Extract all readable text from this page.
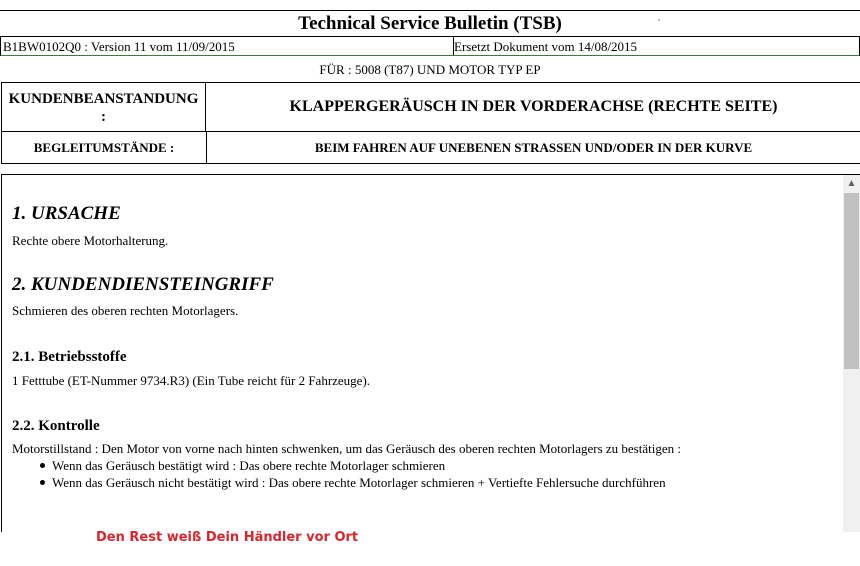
Technical Service Bulletin (TSB)
B1BW0102Q0 : Version 11 vom 11/09/2015	Ersetzt Dokument vom 14/08/2015
FÜR : 5008 (T87) UND MOTOR TYP EP
KUNDENBEANSTANDUNG
:
KLAPPERGERÄUSCH IN DER VORDERACHSE (RECHTE SEITE)
BEGLEITUMSTÄNDE :	BEIM FAHREN AUF UNEBENEN STRASSEN UND/ODER IN DER KURVE
1. URSACHE

Rechte obere Motorhalterung.

2. KUNDENDIENSTEINGRIFF

Schmieren des oberen rechten Motorlagers.

2.1. Betriebsstoffe

1 Fetttube (ET-Nummer 9734.R3) (Ein Tube reicht für 2 Fahrzeuge).

2.2. Kontrolle

Motorstillstand : Den Motor von vorne nach hinten schwenken, um das Geräusch des oberen rechten Motorlagers zu bestätigen :

Wenn das Geräusch bestätigt wird : Das obere rechte Motorlager schmieren
Wenn das Geräusch nicht bestätigt wird : Das obere rechte Motorlager schmieren + Vertiefte Fehlersuche durchführen
▲
Den Rest weiß Dein Händler vor Ort
